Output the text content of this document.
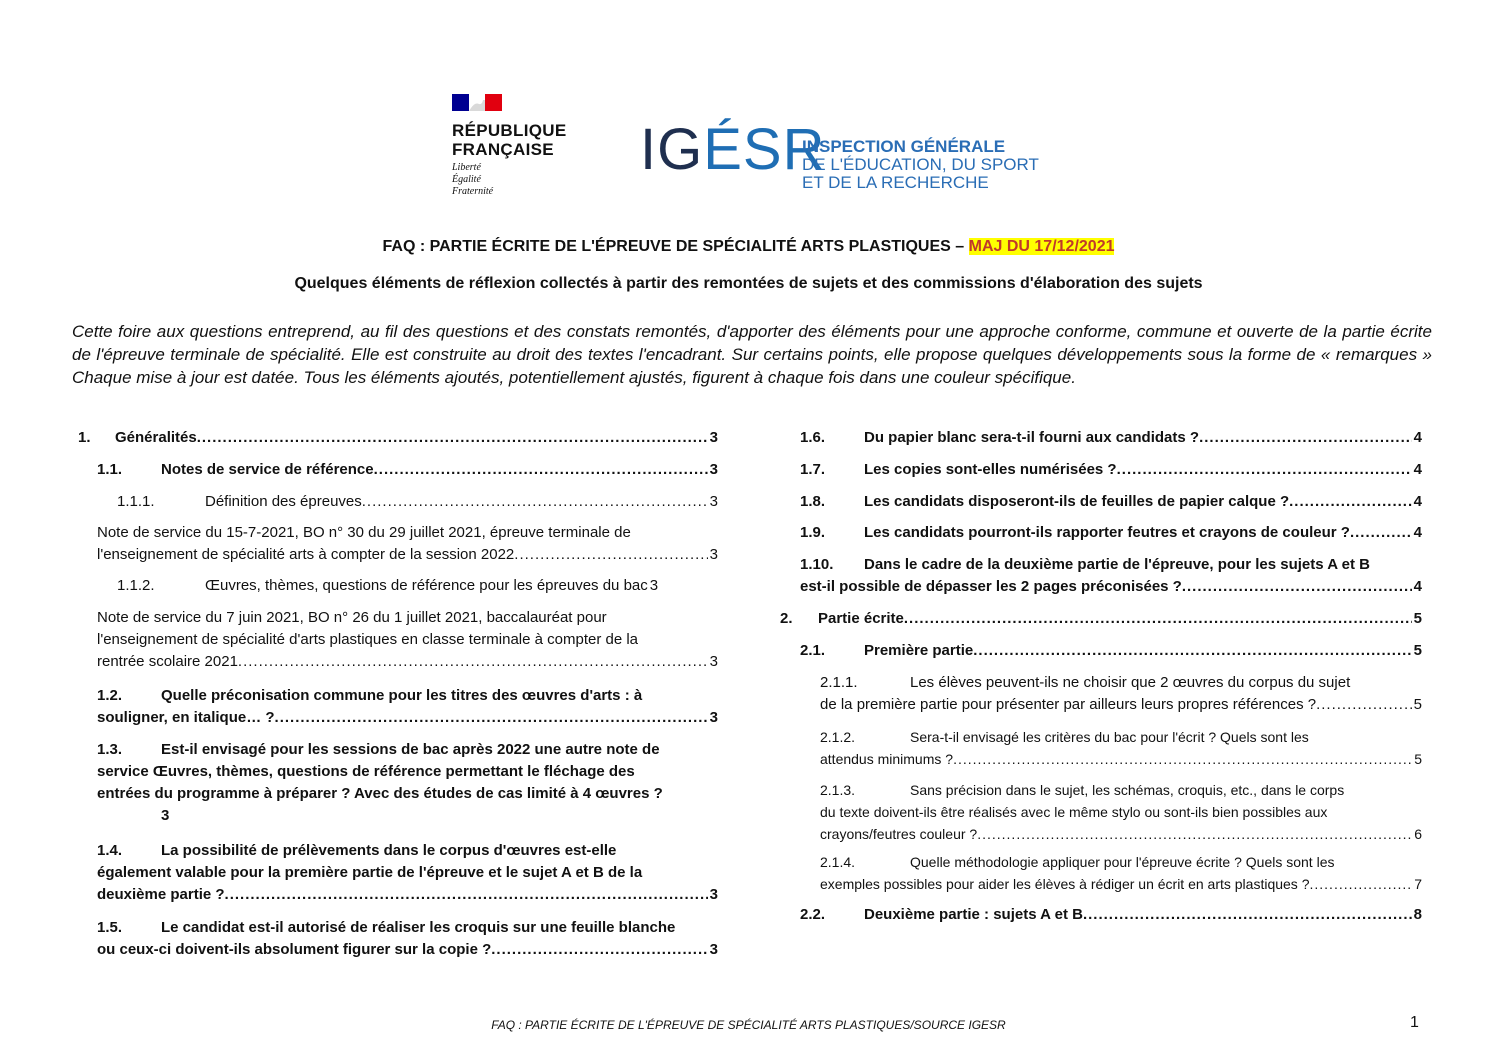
RÉPUBLIQUE
FRANÇAISE
Liberté
Égalité
Fraternité
IGÉSR
INSPECTION GÉNÉRALE
DE L'ÉDUCATION, DU SPORT
ET DE LA RECHERCHE
FAQ : PARTIE ÉCRITE DE L'ÉPREUVE DE SPÉCIALITÉ ARTS PLASTIQUES – MAJ DU 17/12/2021
Quelques éléments de réflexion collectés à partir des remontées de sujets et des commissions d'élaboration des sujets
Cette foire aux questions entreprend, au fil des questions et des constats remontés, d'apporter des éléments pour une approche conforme, commune et ouverte de la partie écrite de l'épreuve terminale de spécialité. Elle est construite au droit des textes l'encadrant. Sur certains points, elle propose quelques développements sous la forme de « remarques » Chaque mise à jour est datée. Tous les éléments ajoutés, potentiellement ajustés, figurent à chaque fois dans une couleur spécifique.
1.	Généralités .....	3
1.1.	Notes de service de référence .....	3
1.1.1.	Définition des épreuves .....	3
Note de service du 15-7-2021, BO n° 30 du 29 juillet 2021, épreuve terminale de
l'enseignement de spécialité arts à compter de la session 2022 .....	3
1.1.2.	Œuvres, thèmes, questions de référence pour les épreuves du bac 3
Note de service du 7 juin 2021, BO n° 26 du 1 juillet 2021, baccalauréat pour
l'enseignement de spécialité d'arts plastiques en classe terminale à compter de la
rentrée scolaire 2021 .....	3
1.2.	Quelle préconisation commune pour les titres des œuvres d'arts : à
souligner, en italique… ? .....	3
1.3.	Est-il envisagé pour les sessions de bac après 2022 une autre note de
service Œuvres, thèmes, questions de référence permettant le fléchage des
entrées du programme à préparer ? Avec des études de cas limité à 4 œuvres ?
3
1.4.	La possibilité de prélèvements dans le corpus d'œuvres est-elle
également valable pour la première partie de l'épreuve et le sujet A et B de la
deuxième partie ? .....	3
1.5.	Le candidat est-il autorisé de réaliser les croquis sur une feuille blanche
ou ceux-ci doivent-ils absolument figurer sur la copie ? .....	3
1.6.	Du papier blanc sera-t-il fourni aux candidats ? .....	4
1.7.	Les copies sont-elles numérisées ? .....	4
1.8.	Les candidats disposeront-ils de feuilles de papier calque ? .....	4
1.9.	Les candidats pourront-ils rapporter feutres et crayons de couleur ? .....	4
1.10.	Dans le cadre de la deuxième partie de l'épreuve, pour les sujets A et B
est-il possible de dépasser les 2 pages préconisées ? .....	4
2.	Partie écrite .....	5
2.1.	Première partie .....	5
2.1.1.	Les élèves peuvent-ils ne choisir que 2 œuvres du corpus du sujet
de la première partie pour présenter par ailleurs leurs propres références ? .....	5
2.1.2.	Sera-t-il envisagé les critères du bac pour l'écrit ? Quels sont les
attendus minimums ? .....	5
2.1.3.	Sans précision dans le sujet, les schémas, croquis, etc., dans le corps
du texte doivent-ils être réalisés avec le même stylo ou sont-ils bien possibles aux
crayons/feutres couleur ? .....	6
2.1.4.	Quelle méthodologie appliquer pour l'épreuve écrite ? Quels sont les
exemples possibles pour aider les élèves à rédiger un écrit en arts plastiques ? .....	7
2.2.	Deuxième partie : sujets A et B .....	8
FAQ : PARTIE ÉCRITE DE L'ÉPREUVE DE SPÉCIALITÉ ARTS PLASTIQUES/SOURCE IGESR	1
